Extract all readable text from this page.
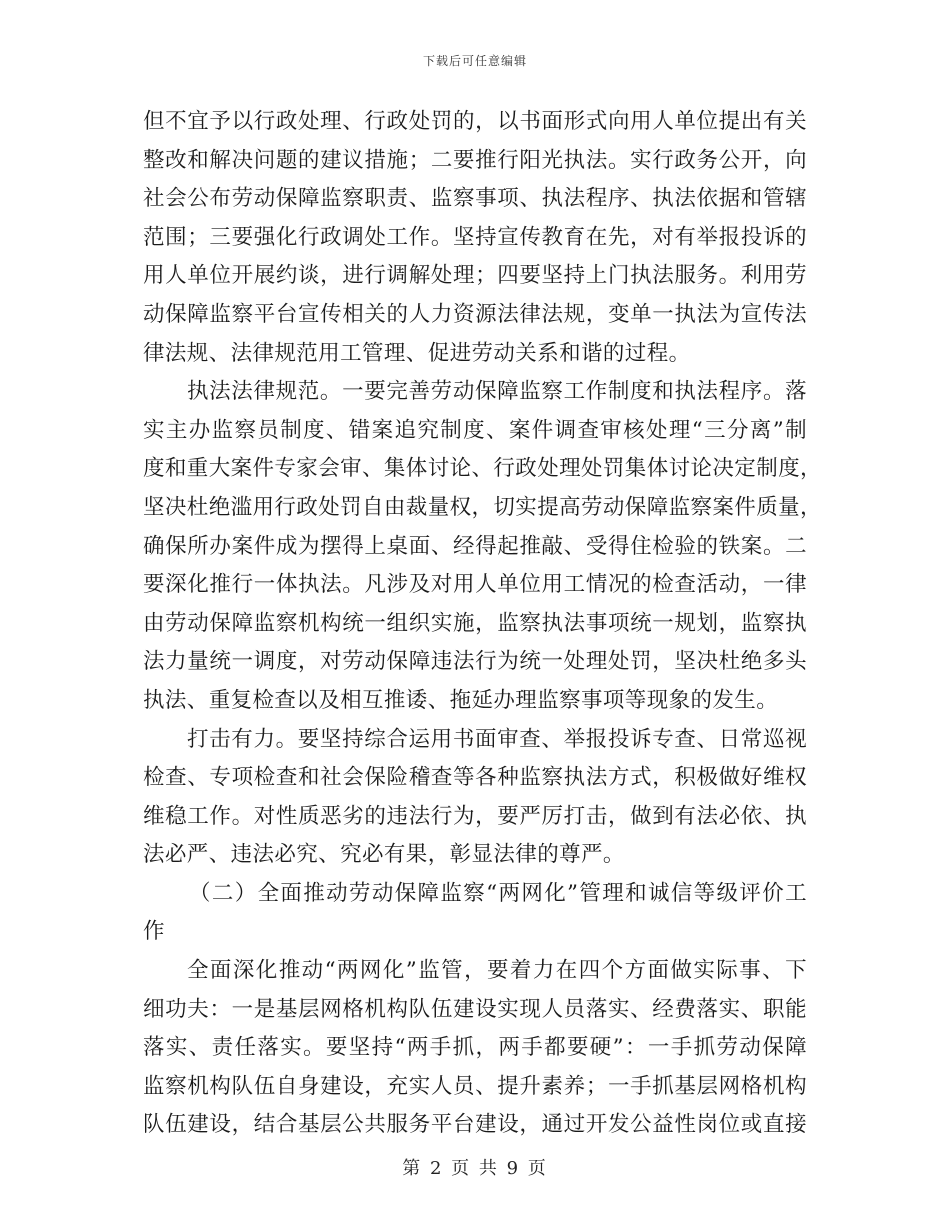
下载后可任意编辑
但不宜予以行政处理、行政处罚的，以书面形式向用人单位提出有关
整改和解决问题的建议措施；二要推行阳光执法。实行政务公开，向
社会公布劳动保障监察职责、监察事项、执法程序、执法依据和管辖
范围；三要强化行政调处工作。坚持宣传教育在先，对有举报投诉的
用人单位开展约谈，进行调解处理；四要坚持上门执法服务。利用劳
动保障监察平台宣传相关的人力资源法律法规，变单一执法为宣传法
律法规、法律规范用工管理、促进劳动关系和谐的过程。
执法法律规范。一要完善劳动保障监察工作制度和执法程序。落
实主办监察员制度、错案追究制度、案件调查审核处理“三分离”制
度和重大案件专家会审、集体讨论、行政处理处罚集体讨论决定制度，
坚决杜绝滥用行政处罚自由裁量权，切实提高劳动保障监察案件质量，
确保所办案件成为摆得上桌面、经得起推敲、受得住检验的铁案。二
要深化推行一体执法。凡涉及对用人单位用工情况的检查活动，一律
由劳动保障监察机构统一组织实施，监察执法事项统一规划，监察执
法力量统一调度，对劳动保障违法行为统一处理处罚，坚决杜绝多头
执法、重复检查以及相互推诿、拖延办理监察事项等现象的发生。
打击有力。要坚持综合运用书面审查、举报投诉专查、日常巡视
检查、专项检查和社会保险稽查等各种监察执法方式，积极做好维权
维稳工作。对性质恶劣的违法行为，要严厉打击，做到有法必依、执
法必严、违法必究、究必有果，彰显法律的尊严。
（二）全面推动劳动保障监察“两网化”管理和诚信等级评价工
作
全面深化推动“两网化”监管，要着力在四个方面做实际事、下
细功夫：一是基层网格机构队伍建设实现人员落实、经费落实、职能
落实、责任落实。要坚持“两手抓，两手都要硬”：一手抓劳动保障
监察机构队伍自身建设，充实人员、提升素养；一手抓基层网格机构
队伍建设，结合基层公共服务平台建设，通过开发公益性岗位或直接
第 2 页 共 9 页
